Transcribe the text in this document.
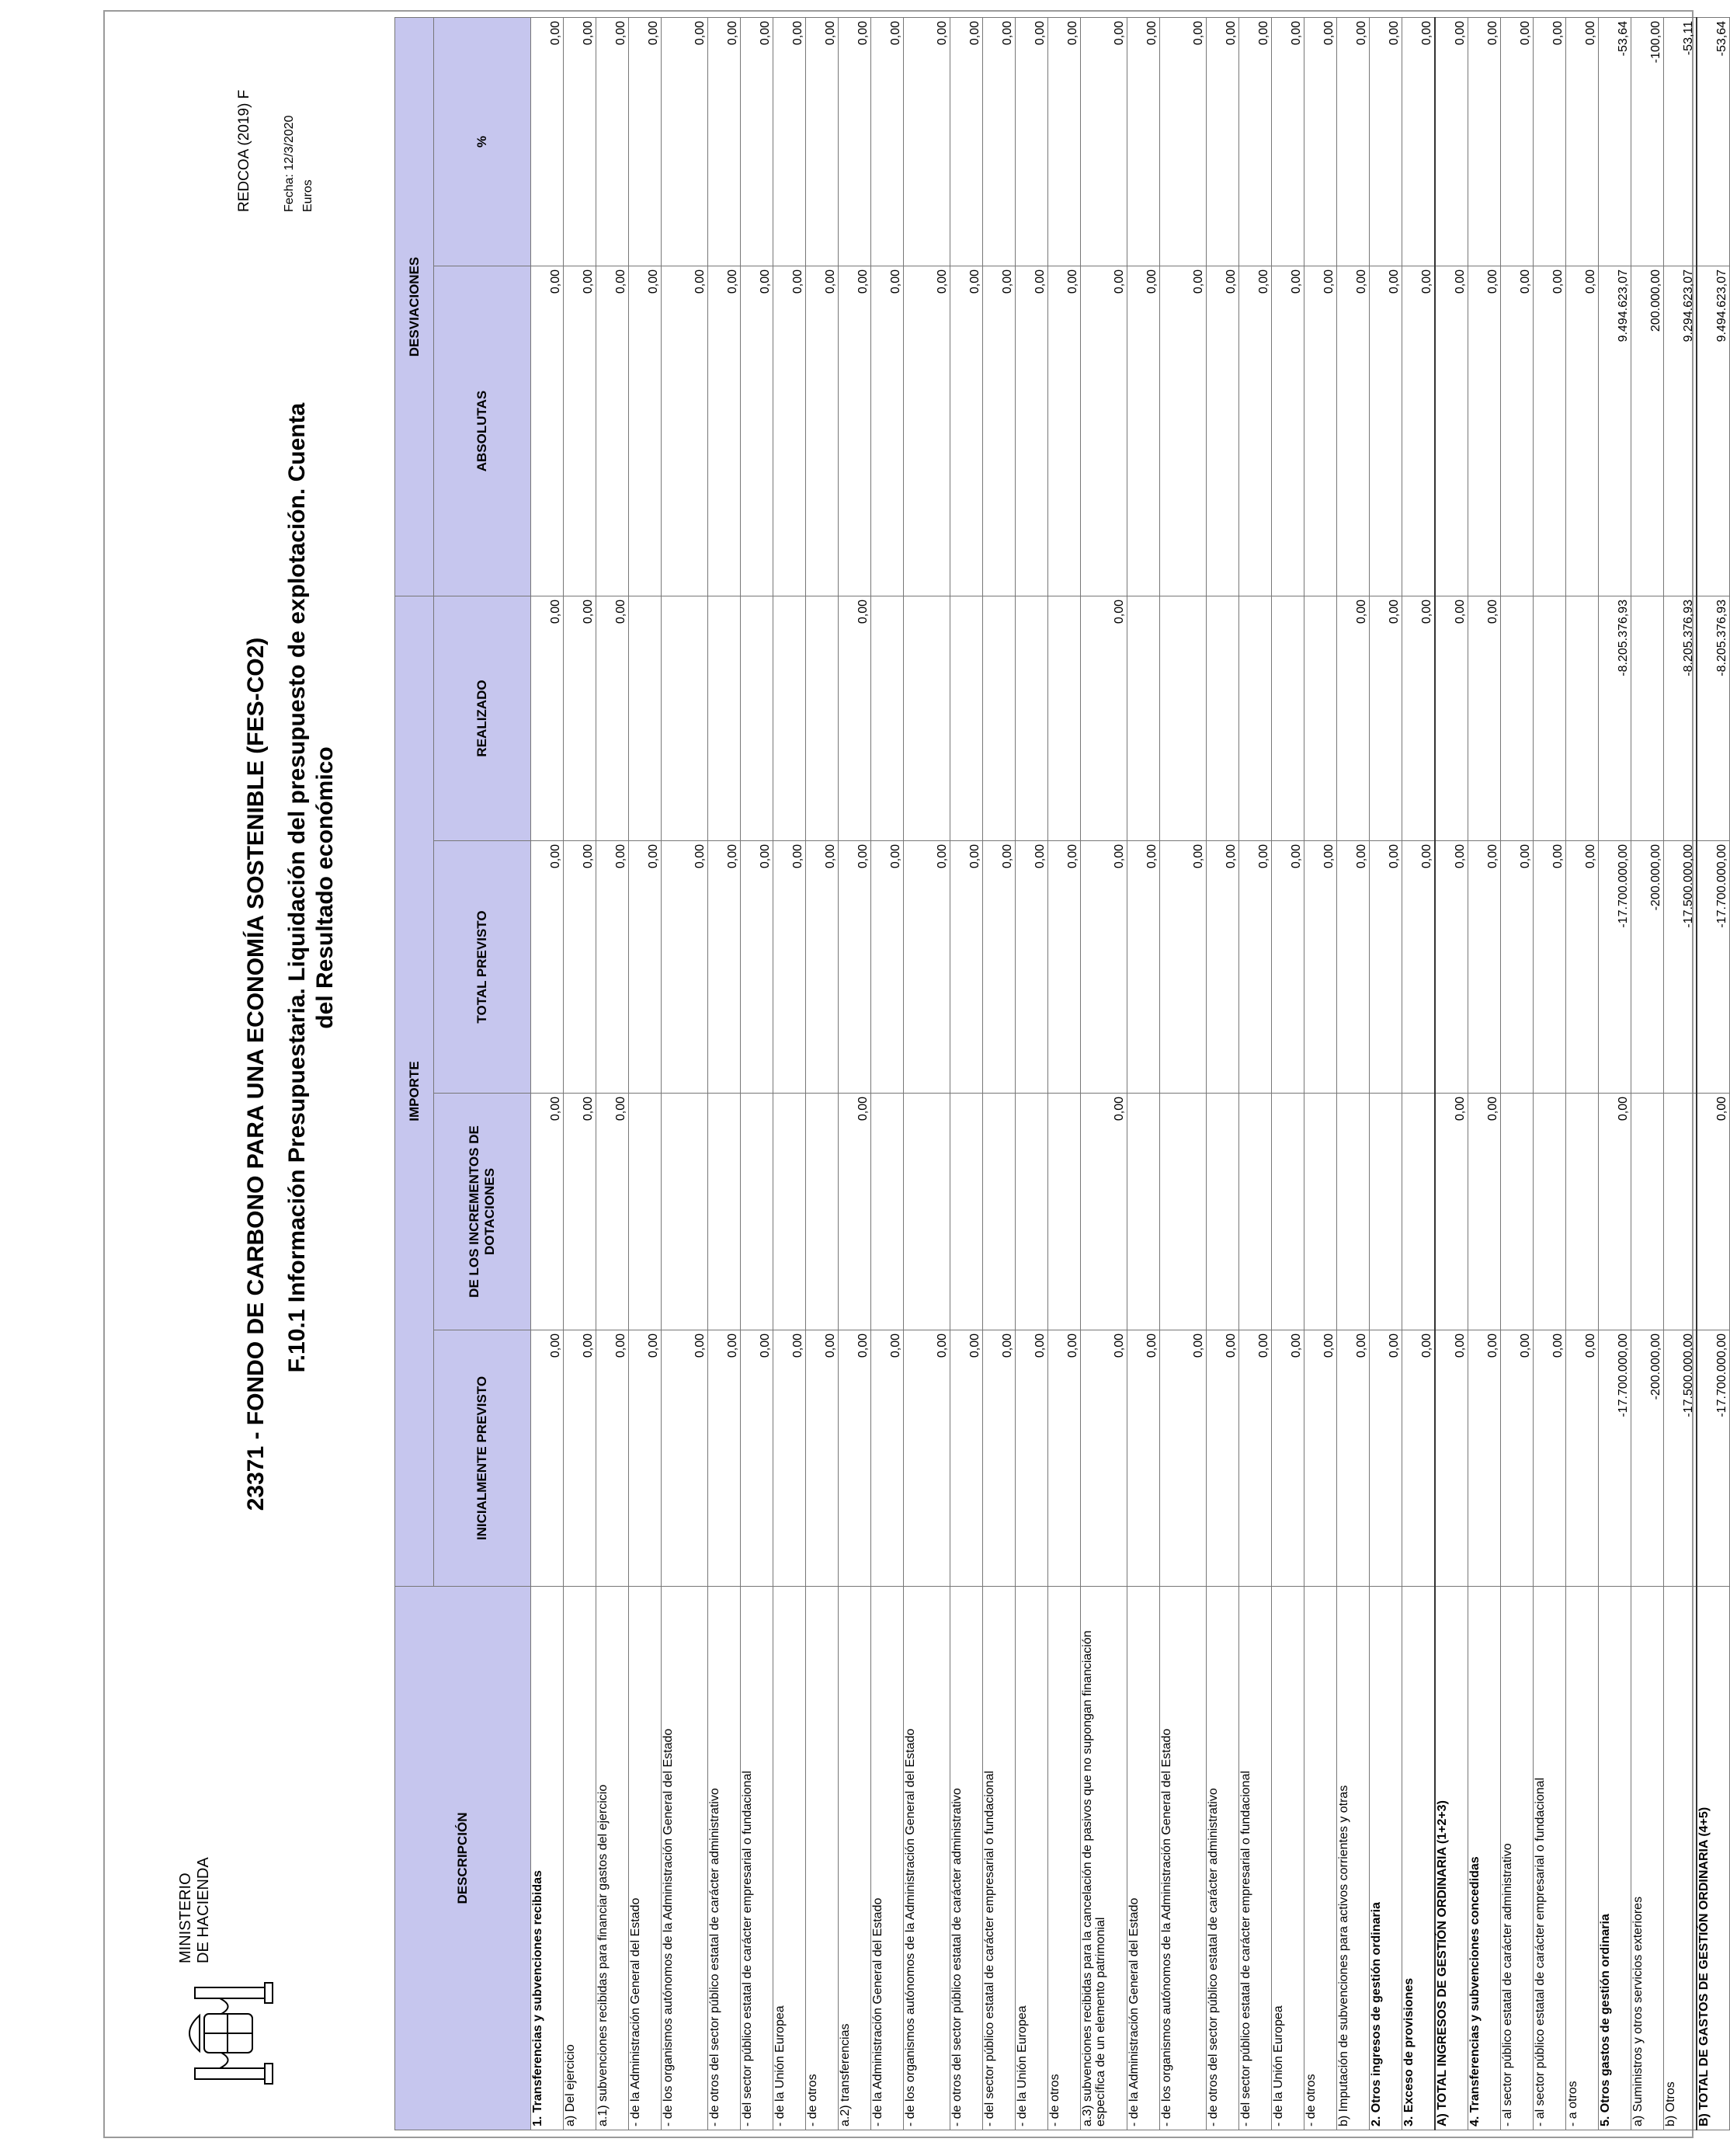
MINISTERIO DE HACIENDA
23371 - FONDO DE CARBONO PARA UNA ECONOMÍA SOSTENIBLE (FES-CO2) F.10.1 Información Presupuestaria. Liquidación del presupuesto de explotación. Cuenta del Resultado económico
REDCOA (2019) F Fecha: 12/3/2020 Euros
DESCRIPCIÓN	IMPORTE				DESVIACIONES	
	INICIALMENTE PREVISTO	DE LOS INCREMENTOS DE DOTACIONES	TOTAL PREVISTO	REALIZADO	ABSOLUTAS	%
1. Transferencias y subvenciones recibidas	0,00	0,00	0,00	0,00	0,00	0,00
a) Del ejercicio	0,00	0,00	0,00	0,00	0,00	0,00
a.1) subvenciones recibidas para financiar gastos del ejercicio	0,00	0,00	0,00	0,00	0,00	0,00
- de la Administración General del Estado	0,00		0,00		0,00	0,00
- de los organismos autónomos de la Administración General del Estado	0,00		0,00		0,00	0,00
- de otros del sector público estatal de carácter administrativo	0,00		0,00		0,00	0,00
- del sector público estatal de carácter empresarial o fundacional	0,00		0,00		0,00	0,00
- de la Unión Europea	0,00		0,00		0,00	0,00
- de otros	0,00		0,00		0,00	0,00
a.2) transferencias	0,00	0,00	0,00	0,00	0,00	0,00
- de la Administración General del Estado	0,00		0,00		0,00	0,00
- de los organismos autónomos de la Administración General del Estado	0,00		0,00		0,00	0,00
- de otros del sector público estatal de carácter administrativo	0,00		0,00		0,00	0,00
- del sector público estatal de carácter empresarial o fundacional	0,00		0,00		0,00	0,00
- de la Unión Europea	0,00		0,00		0,00	0,00
- de otros	0,00		0,00		0,00	0,00
a.3) subvenciones recibidas para la cancelación de pasivos que no supongan financiación específica de un elemento patrimonial	0,00	0,00	0,00	0,00	0,00	0,00
- de la Administración General del Estado	0,00		0,00		0,00	0,00
- de los organismos autónomos de la Administración General del Estado	0,00		0,00		0,00	0,00
- de otros del sector público estatal de carácter administrativo	0,00		0,00		0,00	0,00
- del sector público estatal de carácter empresarial o fundacional	0,00		0,00		0,00	0,00
- de la Unión Europea	0,00		0,00		0,00	0,00
- de otros	0,00		0,00		0,00	0,00
b) Imputación de subvenciones para activos corrientes y otras	0,00		0,00	0,00	0,00	0,00
2. Otros ingresos de gestión ordinaria	0,00		0,00	0,00	0,00	0,00
3. Exceso de provisiones	0,00		0,00	0,00	0,00	0,00
A) TOTAL INGRESOS DE GESTIÓN ORDINARIA (1+2+3)	0,00	0,00	0,00	0,00	0,00	0,00
4. Transferencias y subvenciones concedidas	0,00	0,00	0,00	0,00	0,00	0,00
- al sector público estatal de carácter administrativo	0,00		0,00		0,00	0,00
- al sector público estatal de carácter empresarial o fundacional	0,00		0,00		0,00	0,00
- a otros	0,00		0,00		0,00	0,00
5. Otros gastos de gestión ordinaria	-17.700.000,00	0,00	-17.700.000,00	-8.205.376,93	9.494.623,07	-53,64
a) Suministros y otros servicios exteriores	-200.000,00		-200.000,00		200.000,00	-100,00
b) Otros	-17.500.000,00		-17.500.000,00	-8.205.376,93	9.294.623,07	-53,11
B) TOTAL DE GASTOS DE GESTIÓN ORDINARIA (4+5)	-17.700.000,00	0,00	-17.700.000,00	-8.205.376,93	9.494.623,07	-53,64
